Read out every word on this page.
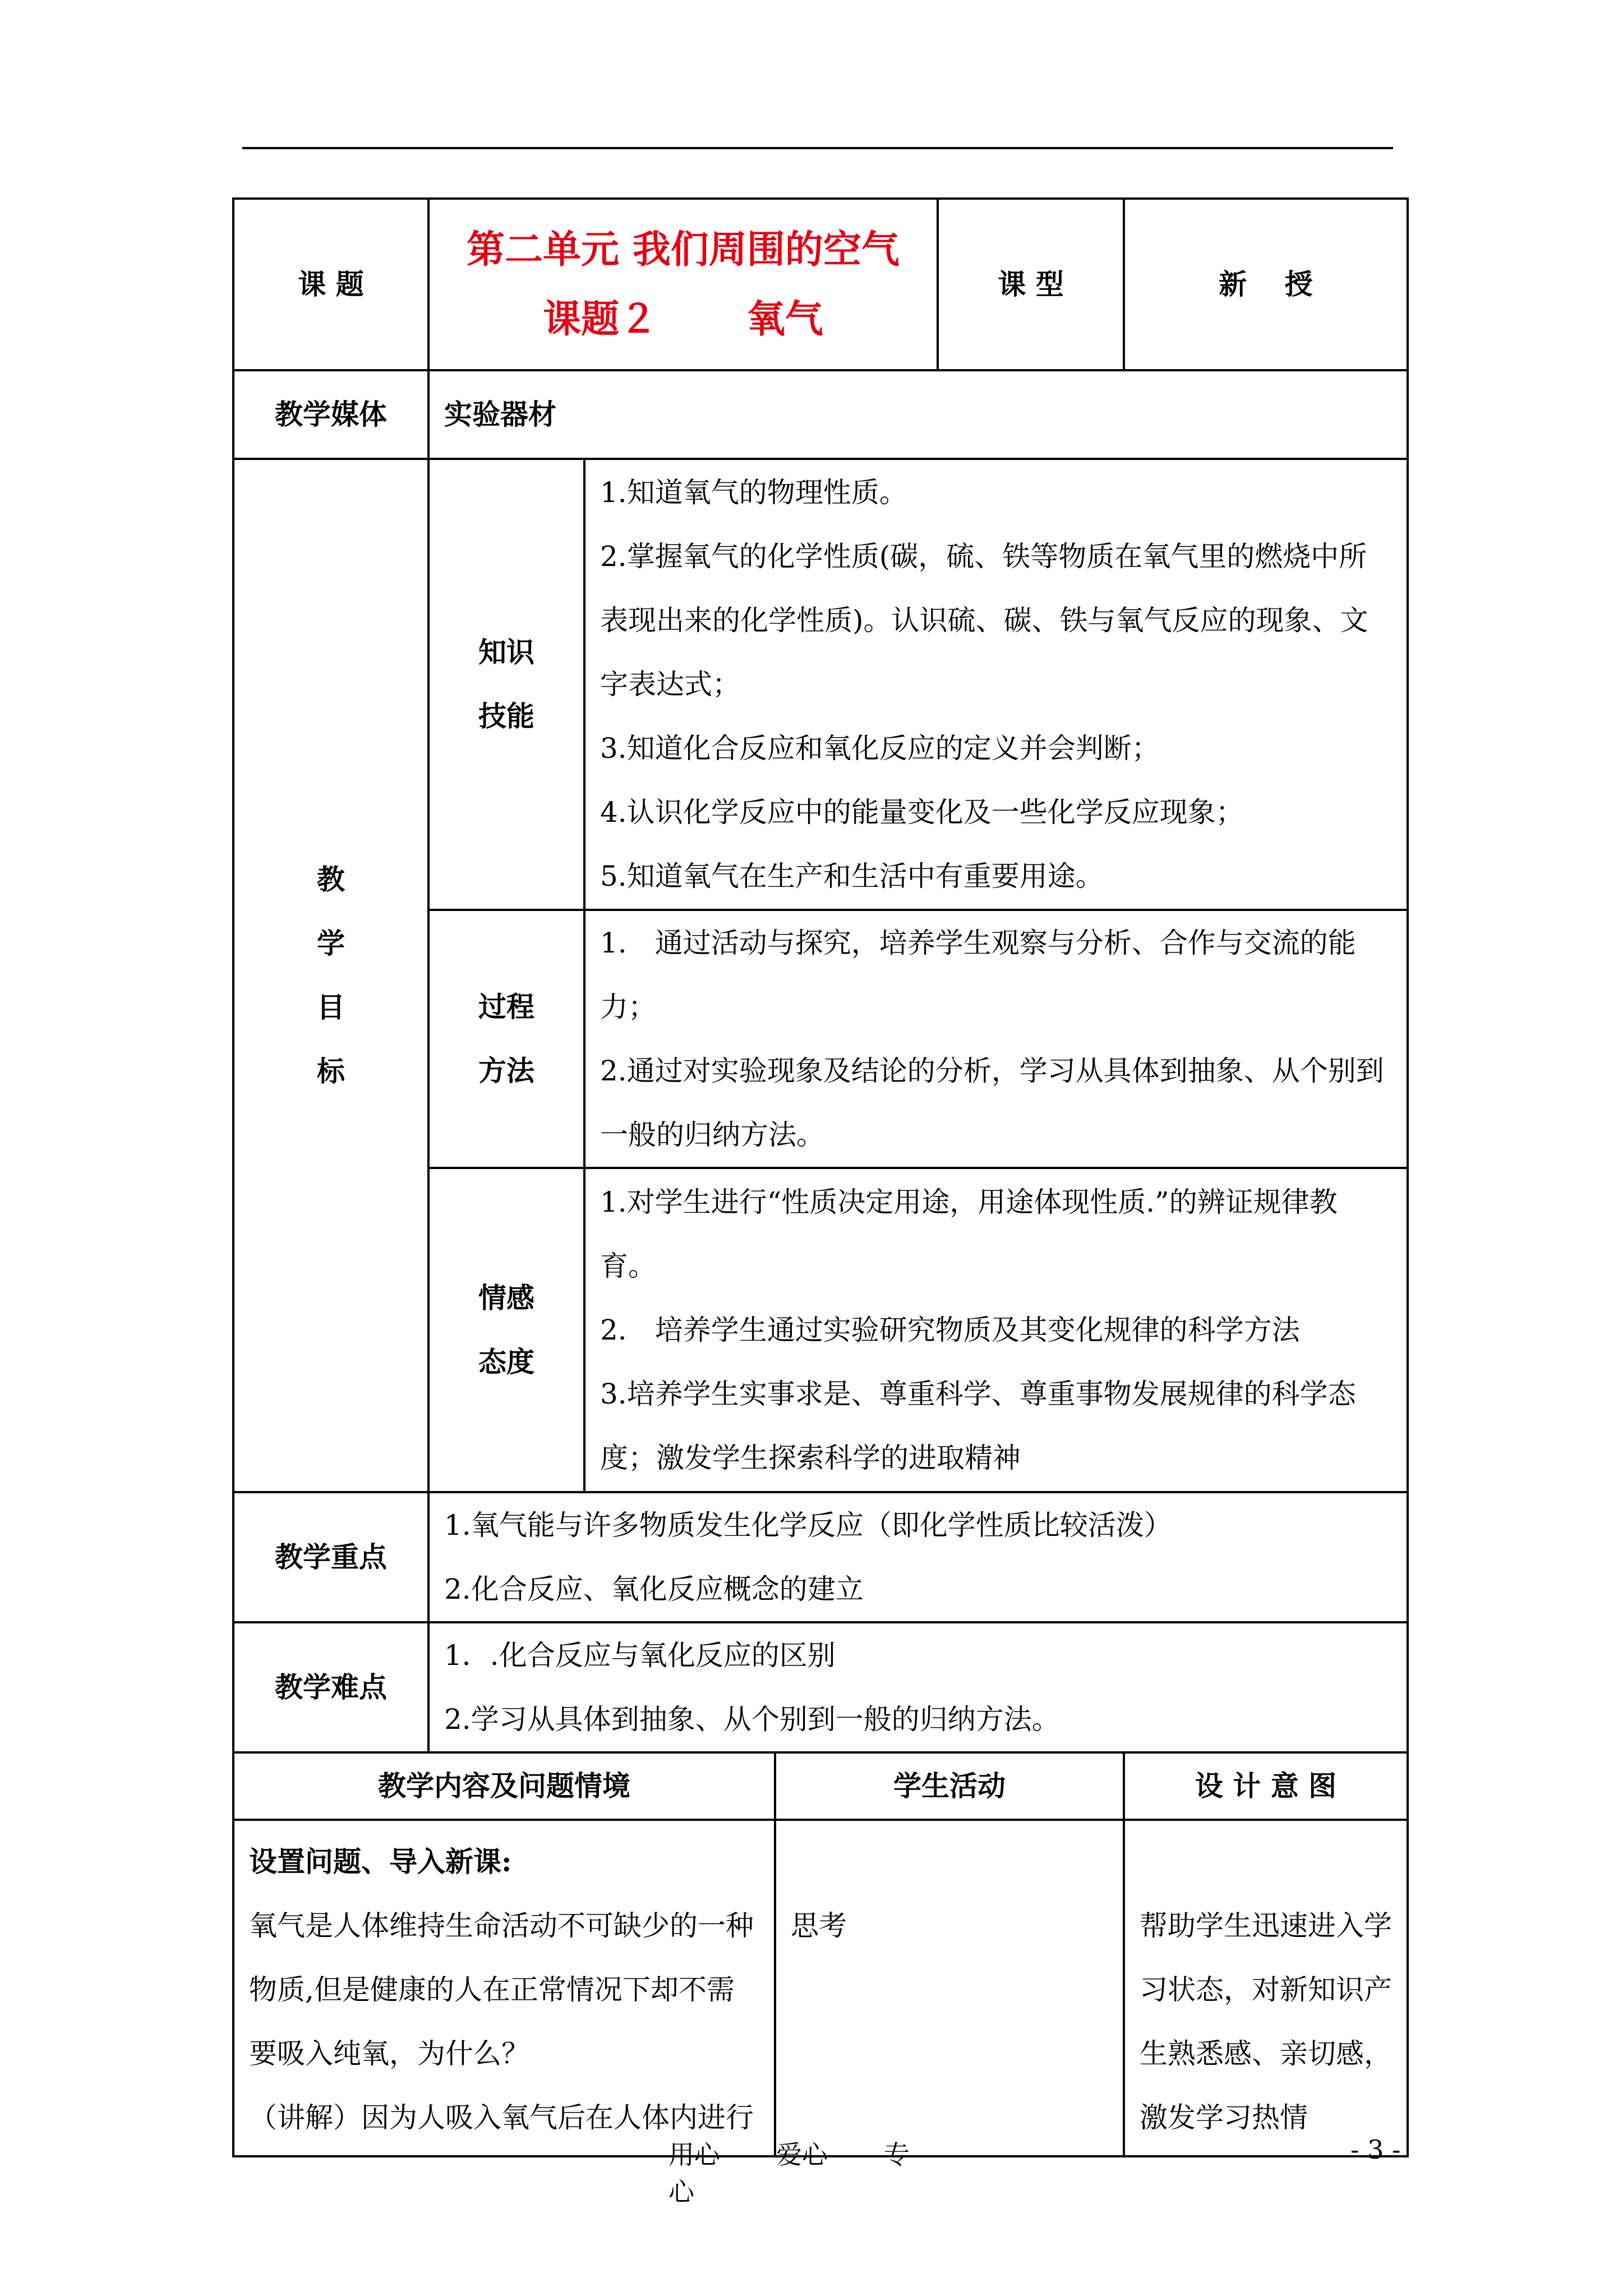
课 题	第二单元 我们周围的空气
课题２　　 氧气			课 型	新　 授
教学媒体	实验器材				

教
学
目
标	知识
技能	1.知道氧气的物理性质。
2.掌握氧气的化学性质(碳，硫、铁等物质在氧气里的燃烧中所表现出来的化学性质)。认识硫、碳、铁与氧气反应的现象、文字表达式；
3.知道化合反应和氧化反应的定义并会判断；
4.认识化学反应中的能量变化及一些化学反应现象；
5.知道氧气在生产和生活中有重要用途。			

	过程
方法	1.　通过活动与探究，培养学生观察与分析、合作与交流的能力；
2.通过对实验现象及结论的分析，学习从具体到抽象、从个别到一般的归纳方法。			

	情感
态度	1.对学生进行“性质决定用途，用途体现性质.”的辨证规律教育。
2.　培养学生通过实验研究物质及其变化规律的科学方法
3.培养学生实事求是、尊重科学、尊重事物发展规律的科学态度；激发学生探索科学的进取精神			

教学重点	1.氧气能与许多物质发生化学反应（即化学性质比较活泼）
2.化合反应、氧化反应概念的建立				

教学难点	1．.化合反应与氧化反应的区别
2.学习从具体到抽象、从个别到一般的归纳方法。				

教学内容及问题情境			学生活动		设 计 意 图

设置问题、导入新课:
氧气是人体维持生命活动不可缺少的一种物质,但是健康的人在正常情况下却不需要吸入纯氧，为什么？
（讲解）因为人吸入氧气后在人体内进行			思考		帮助学生迅速进入学习状态，对新知识产生熟悉感、亲切感，激发学习热情
用心 爱心 专心
- 3 -
